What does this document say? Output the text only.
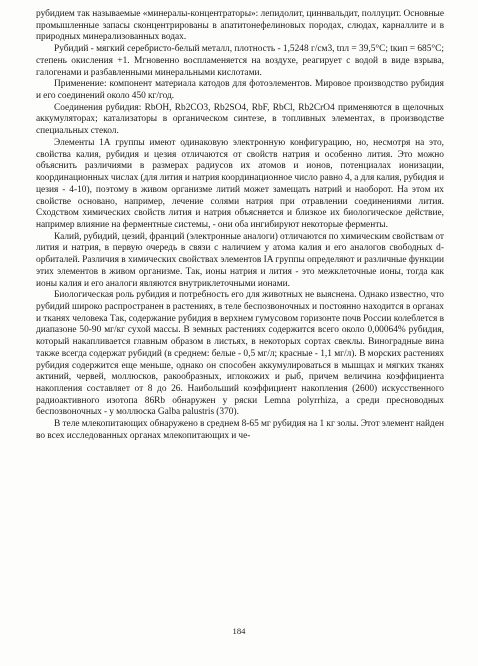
рубидием так называемые «минералы-концентраторы»: лепидолит, циннвальдит, поллуцит. Основные промышленные запасы сконцентрированы в апатитонефелиновых породах, слюдах, карналлите и в природных минерализованных водах.

Рубидий - мягкий серебристо-белый металл, плотность - 1,5248 г/см3, tпл = 39,5°С; tкип = 685°С; степень окисления +1. Мгновенно воспламеняется на воздухе, реагирует с водой в виде взрыва, галогенами и разбавленными минеральными кислотами.

Применение: компонент материала катодов для фотоэлементов. Мировое производство рубидия и его соединений около 450 кг/год.

Соединения рубидия: RbOH, Rb2CO3, Rb2SO4, RbF, RbCl, Rb2CrO4 применяются в щелочных аккумуляторах; катализаторы в органическом синтезе, в топливных элементах, в производстве специальных стекол.

Элементы 1А группы имеют одинаковую электронную конфигурацию, но, несмотря на это, свойства калия, рубидия и цезия отличаются от свойств натрия и особенно лития. Это можно объяснить различиями в размерах радиусов их атомов и ионов, потенциалах ионизации, координационных числах (для лития и натрия координационное число равно 4, а для калия, рубидия и цезия - 4-10), поэтому в живом организме литий может замещать натрий и наоборот. На этом их свойстве основано, например, лечение солями натрия при отравлении соединениями лития. Сходством химических свойств лития и натрия объясняется и близкое их биологическое действие, например влияние на ферментные системы, - они оба ингибируют некоторые ферменты.

Калий, рубидий, цезий, франций (электронные аналоги) отличаются по химическим свойствам от лития и натрия, в первую очередь в связи с наличием у атома калия и его аналогов свободных d-орбиталей. Различия в химических свойствах элементов IA группы определяют и различные функции этих элементов в живом организме. Так, ионы натрия и лития - это межклеточные ионы, тогда как ионы калия и его аналоги являются внутриклеточными ионами.

Биологическая роль рубидия и потребность его для животных не выяснена. Однако известно, что рубидий широко распространен в растениях, в теле беспозвоночных и постоянно находится в органах и тканях человека Так, содержание рубидия в верхнем гумусовом горизонте почв России колеблется в диапазоне 50-90 мг/кг сухой массы. В земных растениях содержится всего около 0,00064% рубидия, который накапливается главным образом в листьях, в некоторых сортах свеклы. Виноградные вина также всегда содержат рубидий (в среднем: белые - 0,5 мг/л; красные - 1,1 мг/л). В морских растениях рубидия содержится еще меньше, однако он способен аккумулироваться в мышцах и мягких тканях актиний, червей, моллюсков, ракообразных, иглокожих и рыб, причем величина коэффициента накопления составляет от 8 до 26. Наибольший коэффициент накопления (2600) искусственного радиоактивного изотопа 86Rb обнаружен у ряски Lemna polyrrhiza, а среди пресноводных беспозвоночных - у моллюска Galba palustris (370).

В теле млекопитающих обнаружено в среднем 8-65 мг рубидия на 1 кг золы. Этот элемент найден во всех исследованных органах млекопитающих и че-

184
